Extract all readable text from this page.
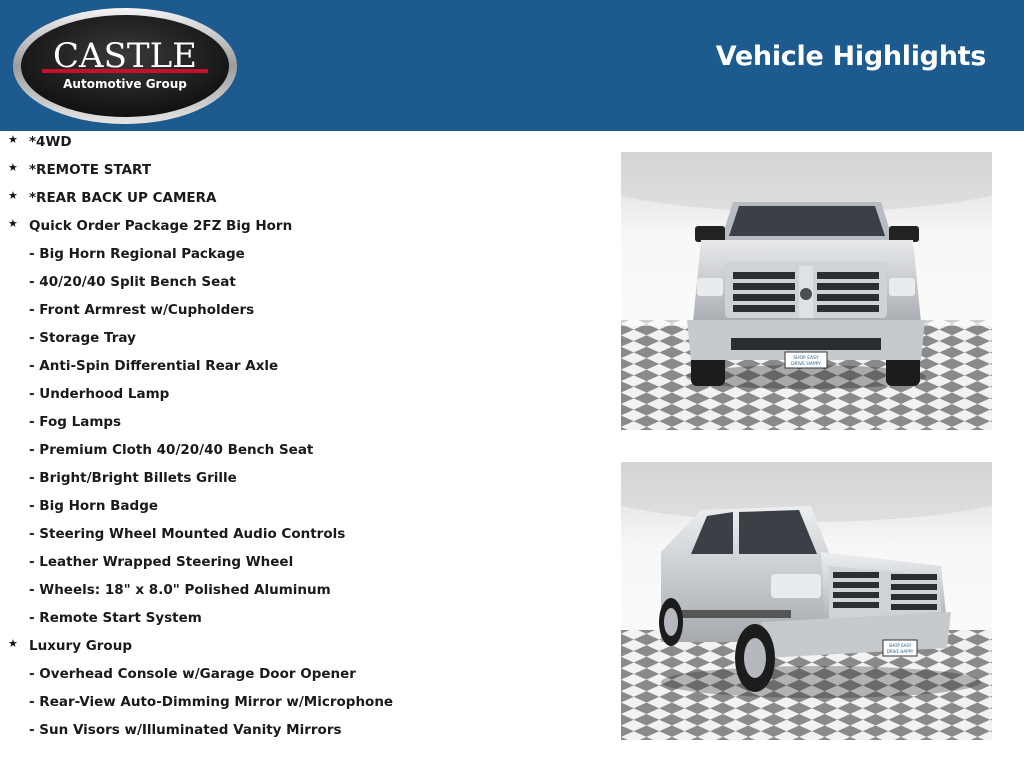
CASTLE
Automotive Group
Vehicle Highlights
★ *4WD
★ *REMOTE START
★ *REAR BACK UP CAMERA
★ Quick Order Package 2FZ Big Horn
- Big Horn Regional Package
- 40/20/40 Split Bench Seat
- Front Armrest w/Cupholders
- Storage Tray
- Anti-Spin Differential Rear Axle
- Underhood Lamp
- Fog Lamps
- Premium Cloth 40/20/40 Bench Seat
- Bright/Bright Billets Grille
- Big Horn Badge
- Steering Wheel Mounted Audio Controls
- Leather Wrapped Steering Wheel
- Wheels: 18" x 8.0" Polished Aluminum
- Remote Start System
★ Luxury Group
- Overhead Console w/Garage Door Opener
- Rear-View Auto-Dimming Mirror w/Microphone
- Sun Visors w/Illuminated Vanity Mirrors
SHOP EASY
DRIVE HAPPY
SHOP EASY
DRIVE HAPPY
